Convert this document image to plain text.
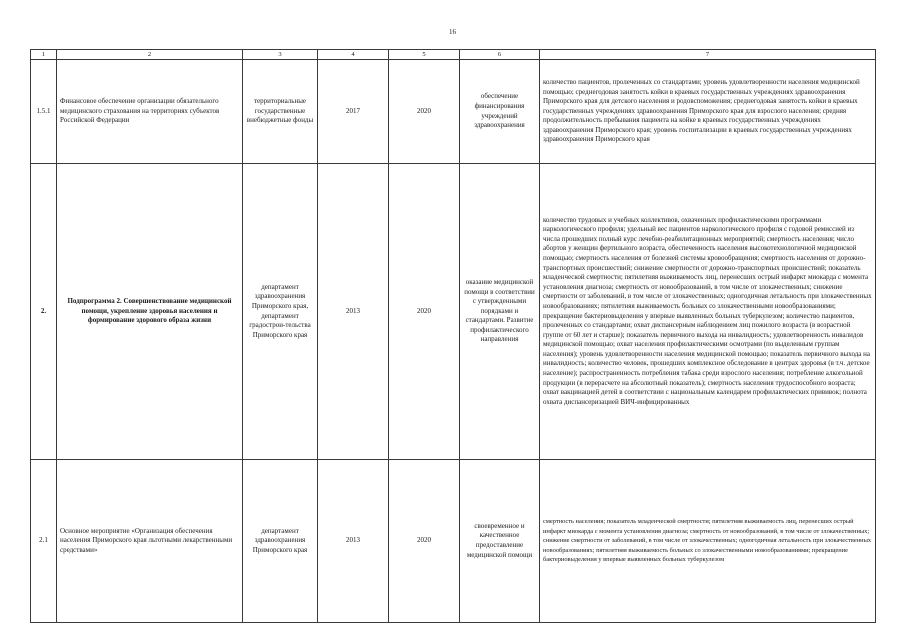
16
1	2	3	4	5	6	7
1.5.1	Финансовое обеспечение организации обязательного медицинского страхования на территориях субъектов Российской Федерации	территориальные государственные внебюджетные фонды	2017	2020	обеспечение финансирования учреждений здравоохранения	количество пациентов, пролеченных со стандартами; уровень удовлетворенности населения медицинской помощью; среднегодовая занятость койки в краевых государственных учреждениях здравоохранения Приморского края для детского населения и родовспоможения; среднегодовая занятость койки в краевых государственных учреждениях здравоохранения Приморского края для взрослого населения; средняя продолжительность пребывания пациента на койке в краевых государственных учреждениях здравоохранения Приморского края; уровень госпитализации в краевых государственных учреждениях здравоохранения Приморского края
2.	Подпрограмма 2. Совершенствование медицинской помощи, укрепление здоровья населения и формирование здорового образа жизни	департамент здравоохранения Приморского края, департамент градострои-тельства Приморского края	2013	2020	оказание медицинской помощи в соответствии с утвержденными порядками и стандартами. Развитие профилактического направления	количество трудовых и учебных коллективов, охваченных профилактическими программами наркологического профиля; удельный вес пациентов наркологического профиля с годовой ремиссией из числа прошедших полный курс лечебно-реабилитационных мероприятий; смертность населения; число абортов у женщин фертильного возраста, обеспеченность населения высокотехнологичной медицинской помощью; смертность населения от болезней системы кровообращения; смертность населения от дорожно-транспортных происшествий; снижение смертности от дорожно-транспортных происшествий; показатель младенческой смертности; пятилетняя выживаемость лиц, перенесших острый инфаркт миокарда с момента установления диагноза; смертность от новообразований, в том числе от злокачественных; снижение смертности от заболеваний, в том числе от злокачественных; одногодичная летальность при злокачественных новообразованиях; пятилетняя выживаемость больных со злокачественными новообразованиями; прекращение бактериовыделения у впервые выявленных больных туберкулезом; количество пациентов, пролеченных со стандартами; охват диспансерным наблюдением лиц пожилого возраста (в возрастной группе от 60 лет и старше); показатель первичного выхода на инвалидность; удовлетворенность инвалидов медицинской помощью; охват населения профилактическими осмотрами (по выделенным группам населения); уровень удовлетворенности населения медицинской помощью; показатель первичного выхода на инвалидность; количество человек, прошедших комплексное обследование в центрах здоровья (в т.ч. детское население); распространенность потребления табака среди взрослого населения; потребление алкогольной продукции (в перерасчете на абсолютный показатель); смертность населения трудоспособного возраста; охват вакцинацией детей в соответствии с национальным календарем профилактических прививок; полнота охвата диспансеризацией ВИЧ-инфицированных
2.1	Основное мероприятие «Организация обеспечения населения Приморского края льготными лекарственными средствами»	департамент здравоохранения Приморского края	2013	2020	своевременное и качественное предоставление медицинской помощи	смертность населения; показатель младенческой смертности; пятилетняя выживаемость лиц, перенесших острый инфаркт миокарда с момента установления диагноза; смертность от новообразований, в том числе от злокачественных; снижение смертности от заболеваний, в том числе от злокачественных; одногодичная летальность при злокачественных новообразованиях; пятилетняя выживаемость больных со злокачественными новообразованиями; прекращение бактериовыделения у впервые выявленных больных туберкулезом
